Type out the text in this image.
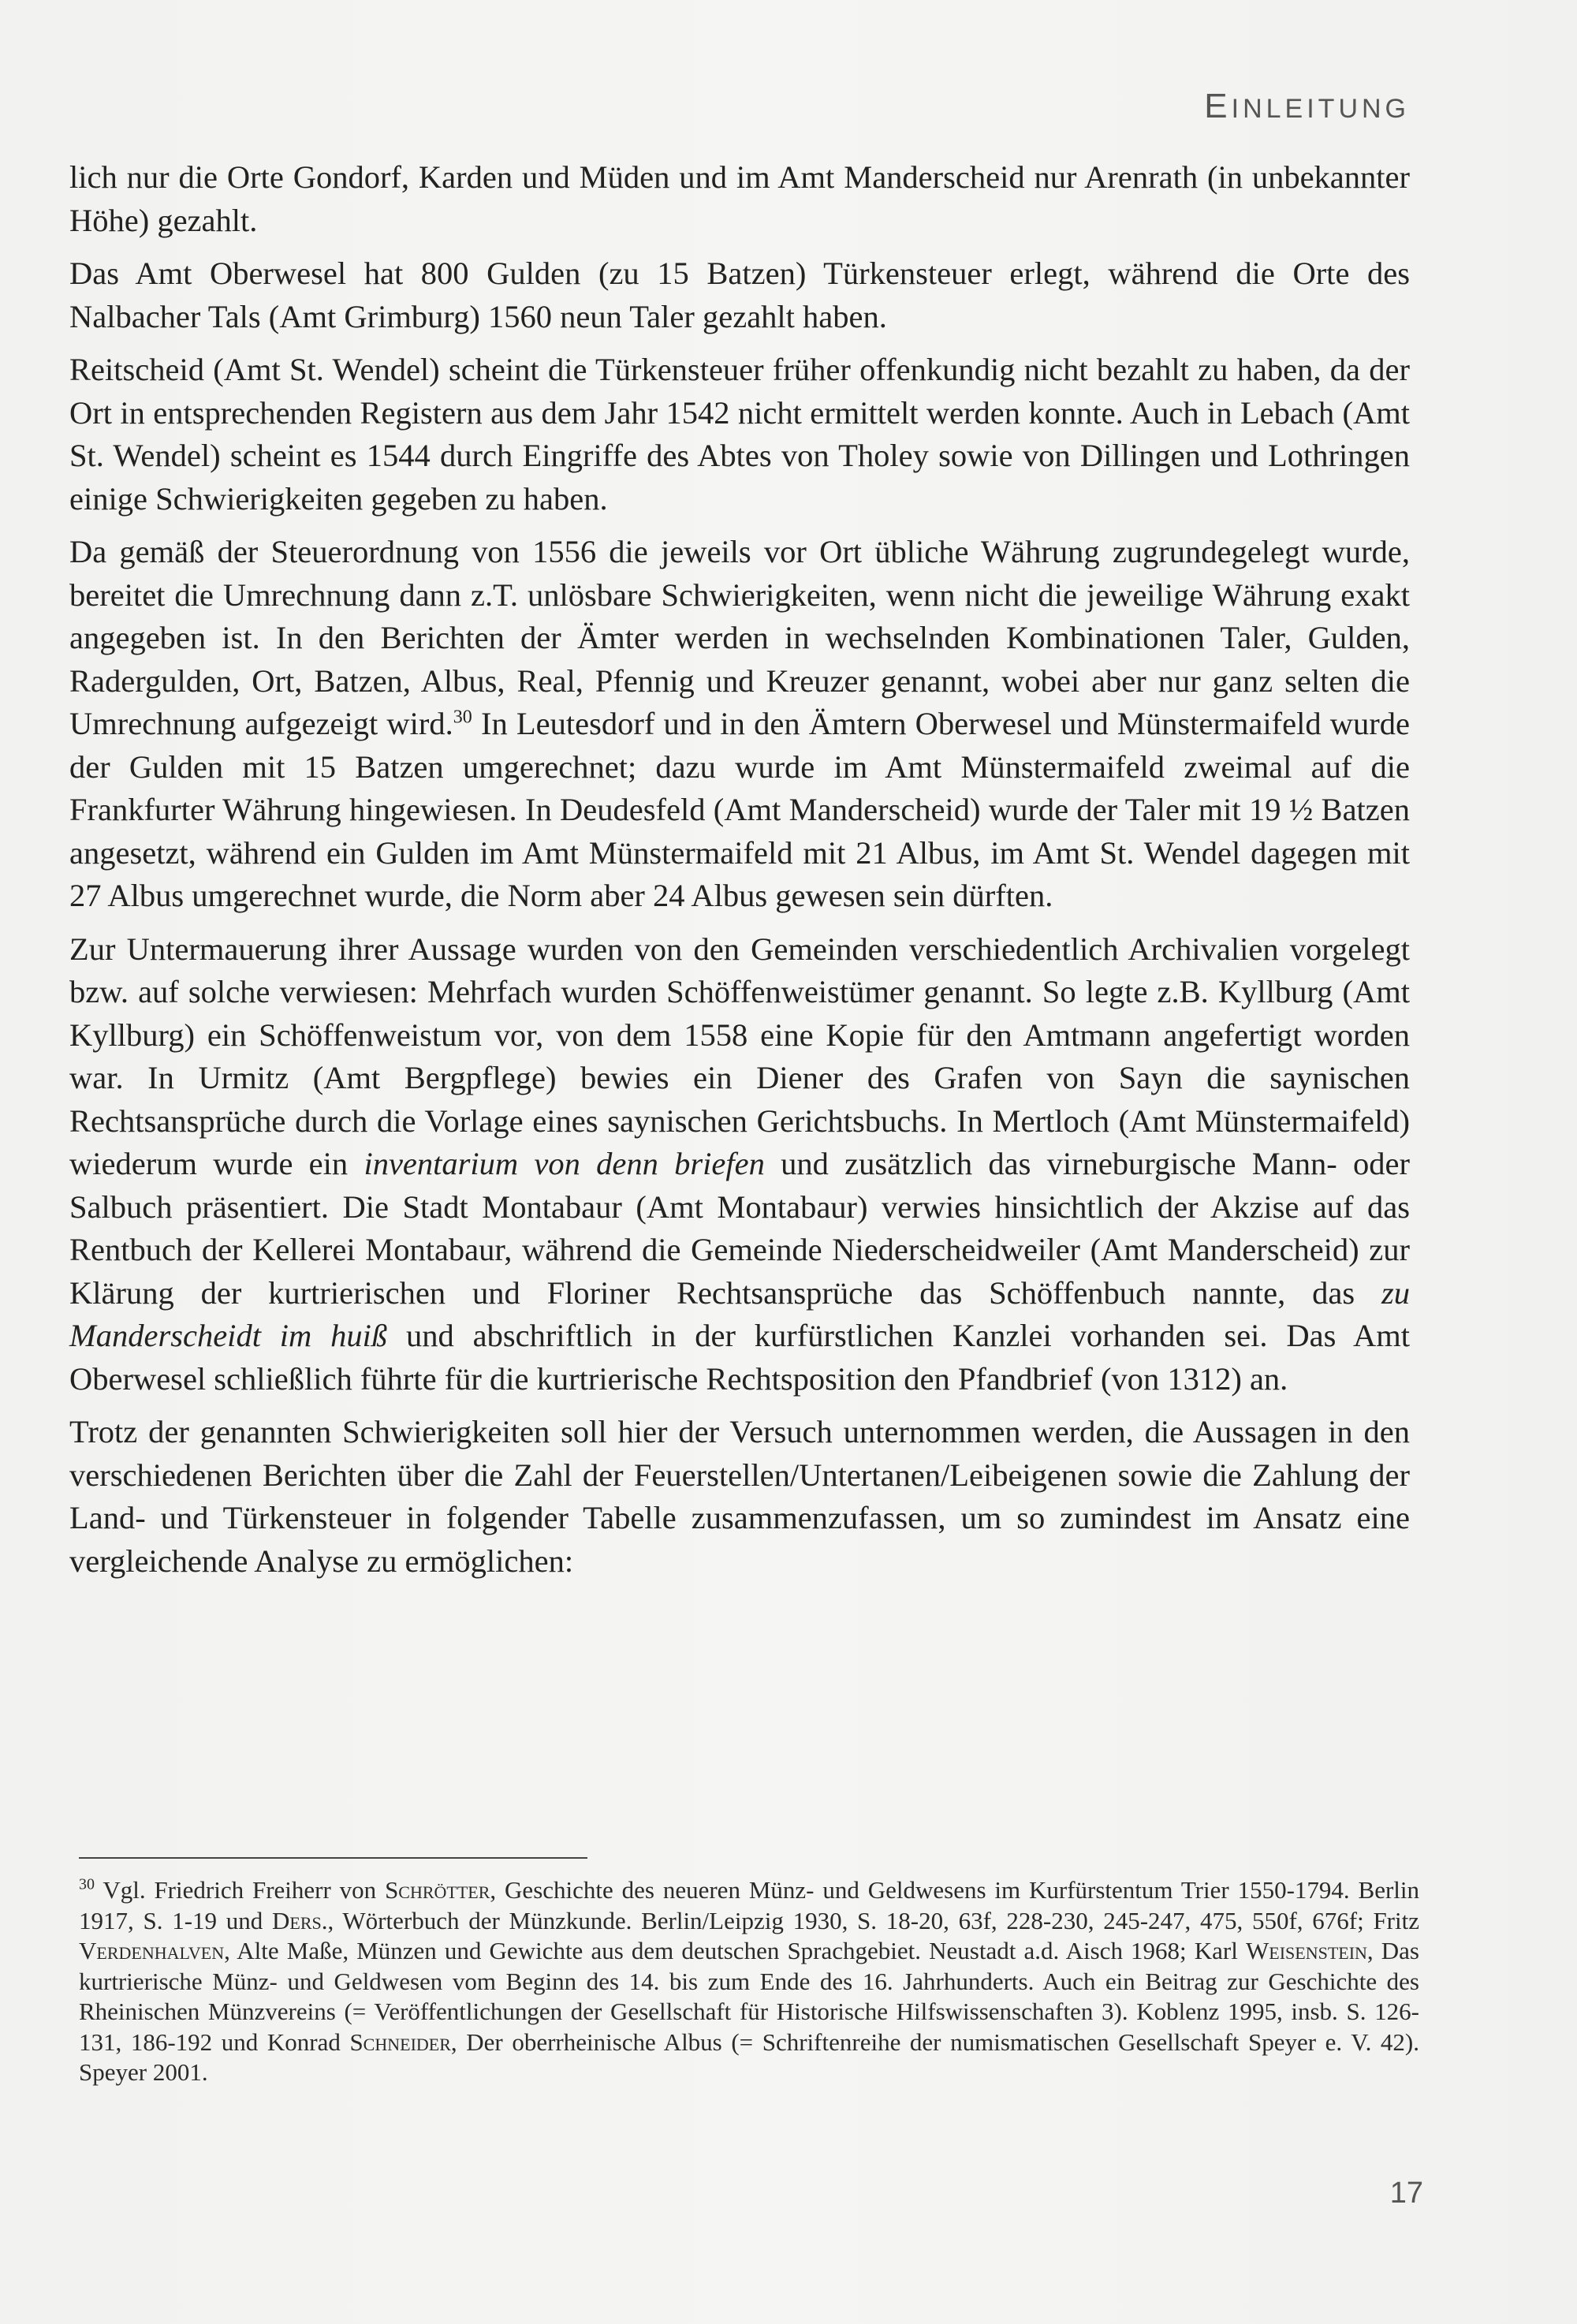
EINLEITUNG

lich nur die Orte Gondorf, Karden und Müden und im Amt Manderscheid nur Arenrath (in unbekannter Höhe) gezahlt.

Das Amt Oberwesel hat 800 Gulden (zu 15 Batzen) Türkensteuer erlegt, während die Orte des Nalbacher Tals (Amt Grimburg) 1560 neun Taler gezahlt haben.

Reitscheid (Amt St. Wendel) scheint die Türkensteuer früher offenkundig nicht bezahlt zu haben, da der Ort in entsprechenden Registern aus dem Jahr 1542 nicht ermittelt werden konnte. Auch in Lebach (Amt St. Wendel) scheint es 1544 durch Eingriffe des Abtes von Tholey sowie von Dillingen und Lothringen einige Schwierigkeiten gegeben zu haben.

Da gemäß der Steuerordnung von 1556 die jeweils vor Ort übliche Währung zugrundegelegt wurde, bereitet die Umrechnung dann z.T. unlösbare Schwierigkeiten, wenn nicht die jeweilige Währung exakt angegeben ist. In den Berichten der Ämter werden in wechselnden Kombinationen Taler, Gulden, Radergulden, Ort, Batzen, Albus, Real, Pfennig und Kreuzer genannt, wobei aber nur ganz selten die Umrechnung aufgezeigt wird.$^{30}$ In Leutesdorf und in den Ämtern Oberwesel und Münstermaifeld wurde der Gulden mit 15 Batzen umgerechnet; dazu wurde im Amt Münstermaifeld zweimal auf die Frankfurter Währung hingewiesen. In Deudesfeld (Amt Manderscheid) wurde der Taler mit 19 ½ Batzen angesetzt, während ein Gulden im Amt Münstermaifeld mit 21 Albus, im Amt St. Wendel dagegen mit 27 Albus umgerechnet wurde, die Norm aber 24 Albus gewesen sein dürften.

Zur Untermauerung ihrer Aussage wurden von den Gemeinden verschiedentlich Archivalien vorgelegt bzw. auf solche verwiesen: Mehrfach wurden Schöffenweistümer genannt. So legte z.B. Kyllburg (Amt Kyllburg) ein Schöffenweistum vor, von dem 1558 eine Kopie für den Amtmann angefertigt worden war. In Urmitz (Amt Bergpflege) bewies ein Diener des Grafen von Sayn die saynischen Rechtsansprüche durch die Vorlage eines saynischen Gerichtsbuchs. In Mertloch (Amt Münstermaifeld) wiederum wurde ein inventarium von denn briefen und zusätzlich das virneburgische Mann- oder Salbuch präsentiert. Die Stadt Montabaur (Amt Montabaur) verwies hinsichtlich der Akzise auf das Rentbuch der Kellerei Montabaur, während die Gemeinde Niederscheidweiler (Amt Manderscheid) zur Klärung der kurtrierischen und Floriner Rechtsansprüche das Schöffenbuch nannte, das zu Manderscheidt im huiß und abschriftlich in der kurfürstlichen Kanzlei vorhanden sei. Das Amt Oberwesel schließlich führte für die kurtrierische Rechtsposition den Pfandbrief (von 1312) an.

Trotz der genannten Schwierigkeiten soll hier der Versuch unternommen werden, die Aussagen in den verschiedenen Berichten über die Zahl der Feuerstellen/Untertanen/Leibeigenen sowie die Zahlung der Land- und Türkensteuer in folgender Tabelle zusammenzufassen, um so zumindest im Ansatz eine vergleichende Analyse zu ermöglichen:

$^{30}$ Vgl. Friedrich Freiherr von Schrötter, Geschichte des neueren Münz- und Geldwesens im Kurfürstentum Trier 1550-1794. Berlin 1917, S. 1-19 und Ders., Wörterbuch der Münzkunde. Berlin/Leipzig 1930, S. 18-20, 63f, 228-230, 245-247, 475, 550f, 676f; Fritz Verdenhalven, Alte Maße, Münzen und Gewichte aus dem deutschen Sprachgebiet. Neustadt a.d. Aisch 1968; Karl Weisenstein, Das kurtrierische Münz- und Geldwesen vom Beginn des 14. bis zum Ende des 16. Jahrhunderts. Auch ein Beitrag zur Geschichte des Rheinischen Münzvereins (= Veröffentlichungen der Gesellschaft für Historische Hilfswissenschaften 3). Koblenz 1995, insb. S. 126-131, 186-192 und Konrad Schneider, Der oberrheinische Albus (= Schriftenreihe der numismatischen Gesellschaft Speyer e. V. 42). Speyer 2001.

17
